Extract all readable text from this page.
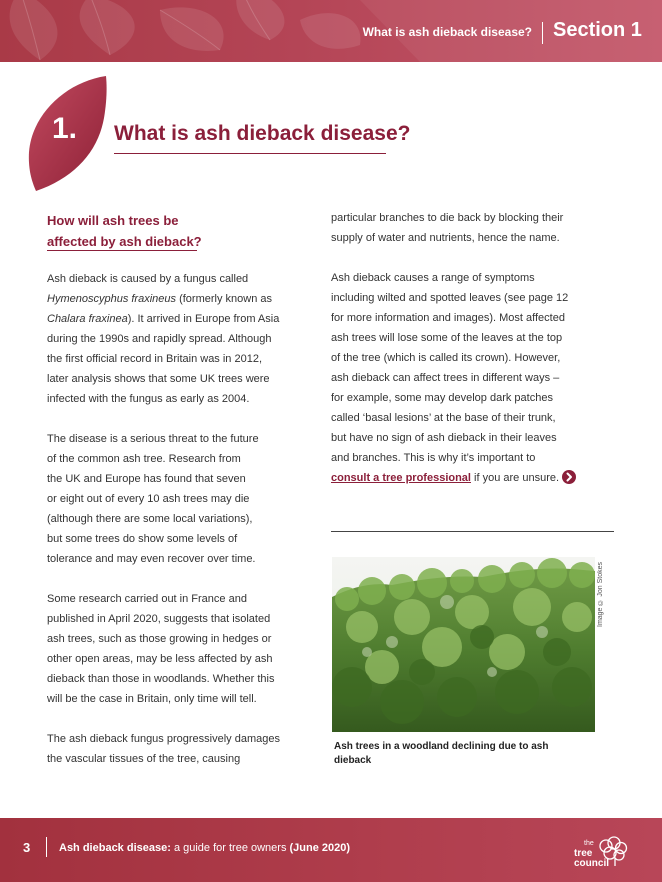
What is ash dieback disease? Section 1
1. What is ash dieback disease?
How will ash trees be
affected by ash dieback?
Ash dieback is caused by a fungus called
Hymenoscyphus fraxineus (formerly known as
Chalara fraxinea). It arrived in Europe from Asia
during the 1990s and rapidly spread. Although
the first official record in Britain was in 2012,
later analysis shows that some UK trees were
infected with the fungus as early as 2004.
The disease is a serious threat to the future
of the common ash tree. Research from
the UK and Europe has found that seven
or eight out of every 10 ash trees may die
(although there are some local variations),
but some trees do show some levels of
tolerance and may even recover over time.
Some research carried out in France and
published in April 2020, suggests that isolated
ash trees, such as those growing in hedges or
other open areas, may be less affected by ash
dieback than those in woodlands. Whether this
will be the case in Britain, only time will tell.
The ash dieback fungus progressively damages
the vascular tissues of the tree, causing
particular branches to die back by blocking their
supply of water and nutrients, hence the name.
Ash dieback causes a range of symptoms
including wilted and spotted leaves (see page 12
for more information and images). Most affected
ash trees will lose some of the leaves at the top
of the tree (which is called its crown). However,
ash dieback can affect trees in different ways –
for example, some may develop dark patches
called ‘basal lesions’ at the base of their trunk,
but have no sign of ash dieback in their leaves
and branches. This is why it’s important to
consult a tree professional if you are unsure.
Image © Jon Stokes
Ash trees in a woodland declining due to ash dieback
3	Ash dieback disease: a guide for tree owners (June 2020)	the
tree
council
